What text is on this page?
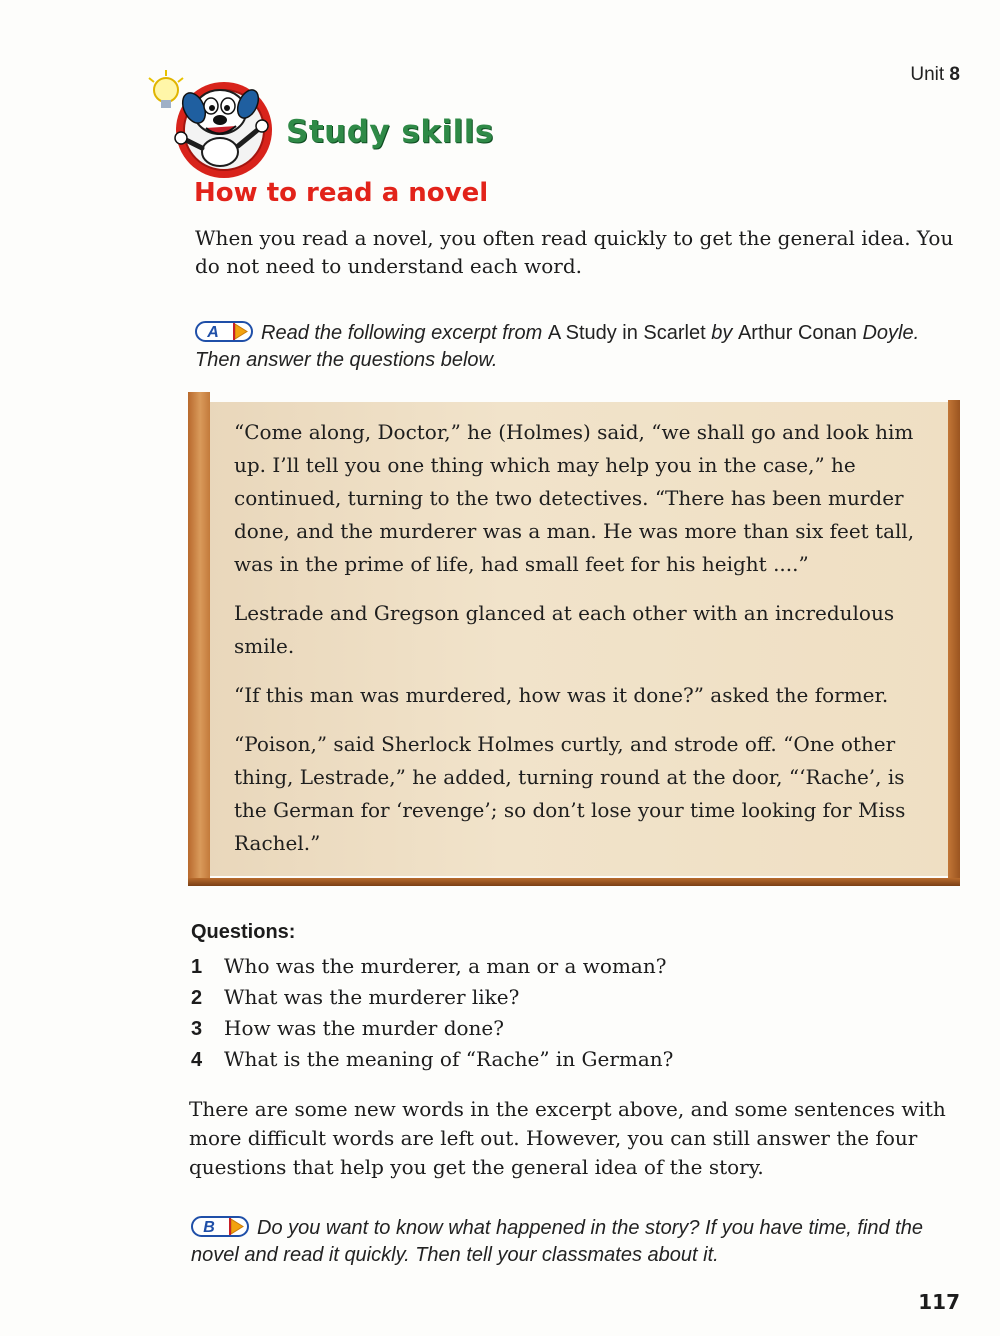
Unit 8
Study skills
How to read a novel
When you read a novel, you often read quickly to get the general idea. You do not need to understand each word.
A Read the following excerpt from A Study in Scarlet by Arthur Conan Doyle. Then answer the questions below.

“Come along, Doctor,” he (Holmes) said, “we shall go and look him up. I’ll tell you one thing which may help you in the case,” he continued, turning to the two detectives. “There has been murder done, and the murderer was a man. He was more than six feet tall, was in the prime of life, had small feet for his height ....”

Lestrade and Gregson glanced at each other with an incredulous smile.

“If this man was murdered, how was it done?” asked the former.

“Poison,” said Sherlock Holmes curtly, and strode off. “One other thing, Lestrade,” he added, turning round at the door, “‘Rache’, is the German for ‘revenge’; so don’t lose your time looking for Miss Rachel.”

Questions:
1 Who was the murderer, a man or a woman?
2 What was the murderer like?
3 How was the murder done?
4 What is the meaning of “Rache” in German?
There are some new words in the excerpt above, and some sentences with more difficult words are left out. However, you can still answer the four questions that help you get the general idea of the story.
B Do you want to know what happened in the story? If you have time, find the novel and read it quickly. Then tell your classmates about it.
117
